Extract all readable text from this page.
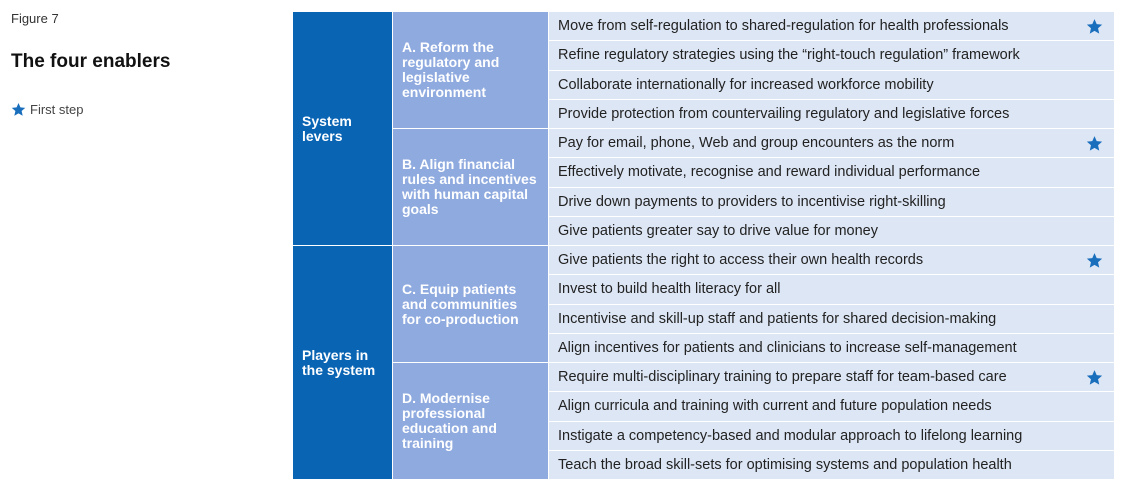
Figure 7
The four enablers
First step
System levers
Players in the system
A. Reform the regulatory and legislative environment
B. Align financial rules and incentives with human capital goals
C. Equip patients and communities for co-production
D. Modernise professional education and training
Move from self-regulation to shared-regulation for health professionals
Refine regulatory strategies using the “right-touch regulation” framework
Collaborate internationally for increased workforce mobility
Provide protection from countervailing regulatory and legislative forces
Pay for email, phone, Web and group encounters as the norm
Effectively motivate, recognise and reward individual performance
Drive down payments to providers to incentivise right-skilling
Give patients greater say to drive value for money
Give patients the right to access their own health records
Invest to build health literacy for all
Incentivise and skill-up staff and patients for shared decision-making
Align incentives for patients and clinicians to increase self-management
Require multi-disciplinary training to prepare staff for team-based care
Align curricula and training with current and future population needs
Instigate a competency-based and modular approach to lifelong learning
Teach the broad skill-sets for optimising systems and population health
